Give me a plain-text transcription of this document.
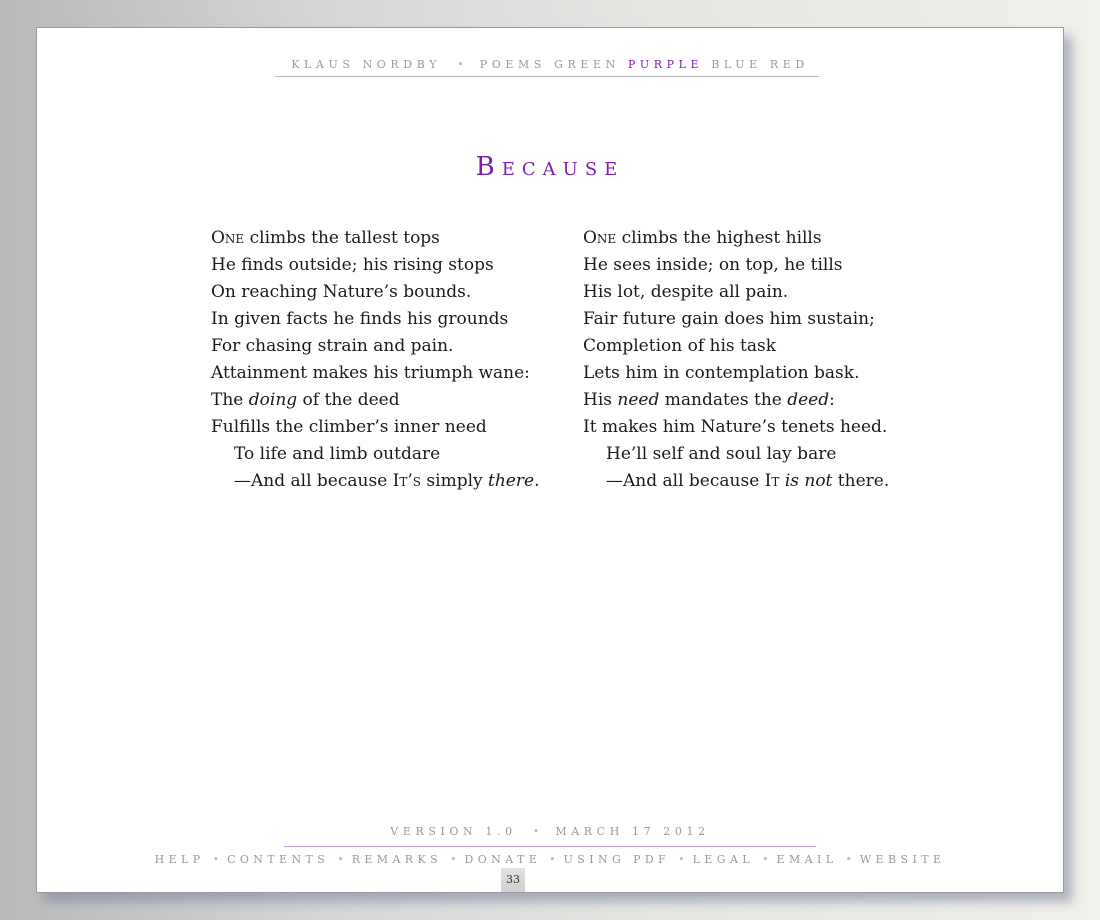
KLAUS NORDBY • POEMS GREEN PURPLE BLUE RED
Because
One climbs the tallest tops
He finds outside; his rising stops
On reaching Nature’s bounds.
In given facts he finds his grounds
For chasing strain and pain.
Attainment makes his triumph wane:
The doing of the deed
Fulfills the climber’s inner need
To life and limb outdare
—And all because It’s simply there.
One climbs the highest hills
He sees inside; on top, he tills
His lot, despite all pain.
Fair future gain does him sustain;
Completion of his task
Lets him in contemplation bask.
His need mandates the deed:
It makes him Nature’s tenets heed.
He’ll self and soul lay bare
—And all because It is not there.
VERSION 1.0 • MARCH 17 2012
HELP • CONTENTS • REMARKS • DONATE • USING PDF • LEGAL • EMAIL • WEBSITE
33
